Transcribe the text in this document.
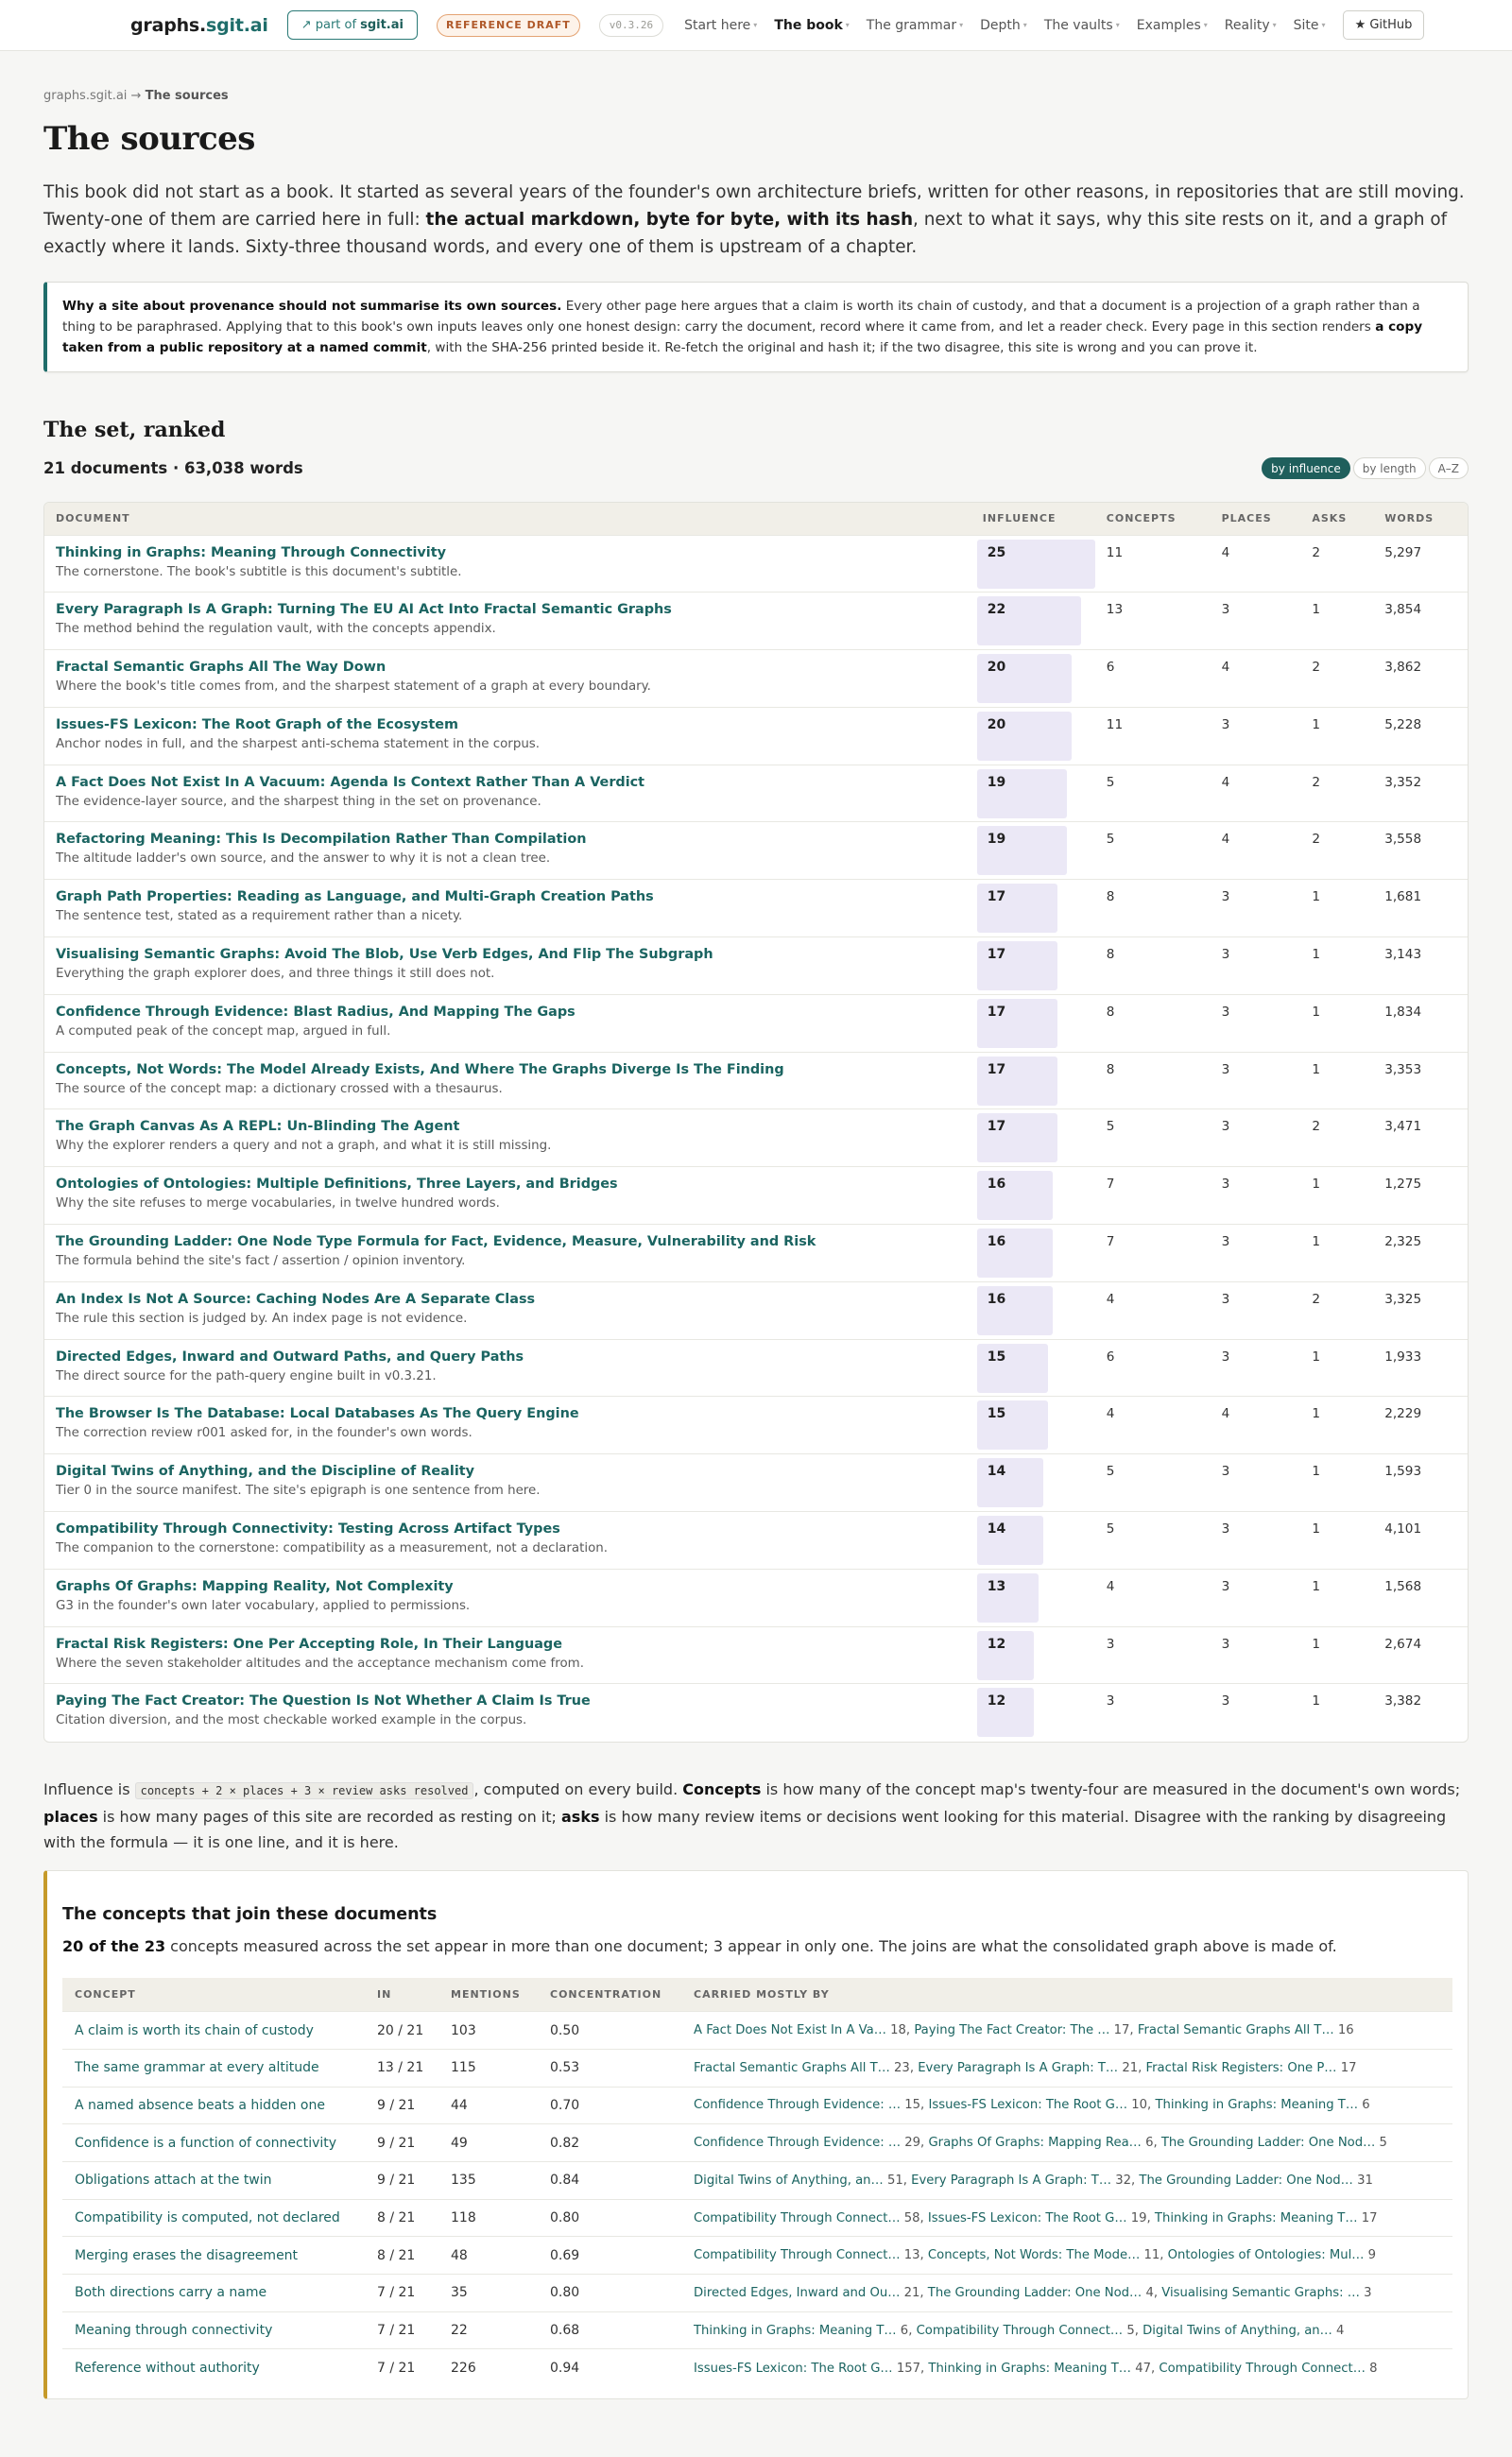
graphs.sgit.ai	↗ part of sgit.ai	REFERENCE DRAFT	v0.3.26	Start here ▾ The book ▾ The grammar ▾ Depth ▾ The vaults ▾ Examples ▾ Reality ▾ Site ▾	★ GitHub
graphs.sgit.ai → The sources
The sources

This book did not start as a book. It started as several years of the founder's own architecture briefs, written for other reasons, in repositories that are still moving. Twenty-one of them are carried here in full: the actual markdown, byte for byte, with its hash, next to what it says, why this site rests on it, and a graph of exactly where it lands. Sixty-three thousand words, and every one of them is upstream of a chapter.

Why a site about provenance should not summarise its own sources. Every other page here argues that a claim is worth its chain of custody, and that a document is a projection of a graph rather than a thing to be paraphrased. Applying that to this book's own inputs leaves only one honest design: carry the document, record where it came from, and let a reader check. Every page in this section renders a copy taken from a public repository at a named commit, with the SHA-256 printed beside it. Re-fetch the original and hash it; if the two disagree, this site is wrong and you can prove it.
The set, ranked
21 documents · 63,038 words	by influence	by length	A–Z
DOCUMENT	INFLUENCE	CONCEPTS	PLACES	ASKS	WORDS

Thinking in Graphs: Meaning Through Connectivity
The cornerstone. The book's subtitle is this document's subtitle.	25	11	4	2	5,297

Every Paragraph Is A Graph: Turning The EU AI Act Into Fractal Semantic Graphs
The method behind the regulation vault, with the concepts appendix.	22	13	3	1	3,854

Fractal Semantic Graphs All The Way Down
Where the book's title comes from, and the sharpest statement of a graph at every boundary.	20	6	4	2	3,862

Issues-FS Lexicon: The Root Graph of the Ecosystem
Anchor nodes in full, and the sharpest anti-schema statement in the corpus.	20	11	3	1	5,228

A Fact Does Not Exist In A Vacuum: Agenda Is Context Rather Than A Verdict
The evidence-layer source, and the sharpest thing in the set on provenance.	19	5	4	2	3,352

Refactoring Meaning: This Is Decompilation Rather Than Compilation
The altitude ladder's own source, and the answer to why it is not a clean tree.	19	5	4	2	3,558

Graph Path Properties: Reading as Language, and Multi-Graph Creation Paths
The sentence test, stated as a requirement rather than a nicety.	17	8	3	1	1,681

Visualising Semantic Graphs: Avoid The Blob, Use Verb Edges, And Flip The Subgraph
Everything the graph explorer does, and three things it still does not.	17	8	3	1	3,143

Confidence Through Evidence: Blast Radius, And Mapping The Gaps
A computed peak of the concept map, argued in full.	17	8	3	1	1,834

Concepts, Not Words: The Model Already Exists, And Where The Graphs Diverge Is The Finding
The source of the concept map: a dictionary crossed with a thesaurus.	17	8	3	1	3,353

The Graph Canvas As A REPL: Un-Blinding The Agent
Why the explorer renders a query and not a graph, and what it is still missing.	17	5	3	2	3,471

Ontologies of Ontologies: Multiple Definitions, Three Layers, and Bridges
Why the site refuses to merge vocabularies, in twelve hundred words.	16	7	3	1	1,275

The Grounding Ladder: One Node Type Formula for Fact, Evidence, Measure, Vulnerability and Risk
The formula behind the site's fact / assertion / opinion inventory.	16	7	3	1	2,325

An Index Is Not A Source: Caching Nodes Are A Separate Class
The rule this section is judged by. An index page is not evidence.	16	4	3	2	3,325

Directed Edges, Inward and Outward Paths, and Query Paths
The direct source for the path-query engine built in v0.3.21.	15	6	3	1	1,933

The Browser Is The Database: Local Databases As The Query Engine
The correction review r001 asked for, in the founder's own words.	15	4	4	1	2,229

Digital Twins of Anything, and the Discipline of Reality
Tier 0 in the source manifest. The site's epigraph is one sentence from here.	14	5	3	1	1,593

Compatibility Through Connectivity: Testing Across Artifact Types
The companion to the cornerstone: compatibility as a measurement, not a declaration.	14	5	3	1	4,101

Graphs Of Graphs: Mapping Reality, Not Complexity
G3 in the founder's own later vocabulary, applied to permissions.	13	4	3	1	1,568

Fractal Risk Registers: One Per Accepting Role, In Their Language
Where the seven stakeholder altitudes and the acceptance mechanism come from.	12	3	3	1	2,674

Paying The Fact Creator: The Question Is Not Whether A Claim Is True
Citation diversion, and the most checkable worked example in the corpus.	12	3	3	1	3,382

Influence is concepts + 2 × places + 3 × review asks resolved , computed on every build. Concepts is how many of the concept map's twenty-four are measured in the document's own words; places is how many pages of this site are recorded as resting on it; asks is how many review items or decisions went looking for this material. Disagree with the ranking by disagreeing with the formula — it is one line, and it is here.

The concepts that join these documents

20 of the 23 concepts measured across the set appear in more than one document; 3 appear in only one. The joins are what the consolidated graph above is made of.

CONCEPT	IN	MENTIONS	CONCENTRATION	CARRIED MOSTLY BY
A claim is worth its chain of custody	20 / 21	103	0.50	A Fact Does Not Exist In A Va… 18, Paying The Fact Creator: The … 17, Fractal Semantic Graphs All T… 16
The same grammar at every altitude	13 / 21	115	0.53	Fractal Semantic Graphs All T… 23, Every Paragraph Is A Graph: T… 21, Fractal Risk Registers: One P… 17
A named absence beats a hidden one	9 / 21	44	0.70	Confidence Through Evidence: … 15, Issues-FS Lexicon: The Root G… 10, Thinking in Graphs: Meaning T… 6
Confidence is a function of connectivity	9 / 21	49	0.82	Confidence Through Evidence: … 29, Graphs Of Graphs: Mapping Rea… 6, The Grounding Ladder: One Nod… 5
Obligations attach at the twin	9 / 21	135	0.84	Digital Twins of Anything, an… 51, Every Paragraph Is A Graph: T… 32, The Grounding Ladder: One Nod… 31
Compatibility is computed, not declared	8 / 21	118	0.80	Compatibility Through Connect… 58, Issues-FS Lexicon: The Root G… 19, Thinking in Graphs: Meaning T… 17
Merging erases the disagreement	8 / 21	48	0.69	Compatibility Through Connect… 13, Concepts, Not Words: The Mode… 11, Ontologies of Ontologies: Mul… 9
Both directions carry a name	7 / 21	35	0.80	Directed Edges, Inward and Ou… 21, The Grounding Ladder: One Nod… 4, Visualising Semantic Graphs: … 3
Meaning through connectivity	7 / 21	22	0.68	Thinking in Graphs: Meaning T… 6, Compatibility Through Connect… 5, Digital Twins of Anything, an… 4
Reference without authority	7 / 21	226	0.94	Issues-FS Lexicon: The Root G… 157, Thinking in Graphs: Meaning T… 47, Compatibility Through Connect… 8
